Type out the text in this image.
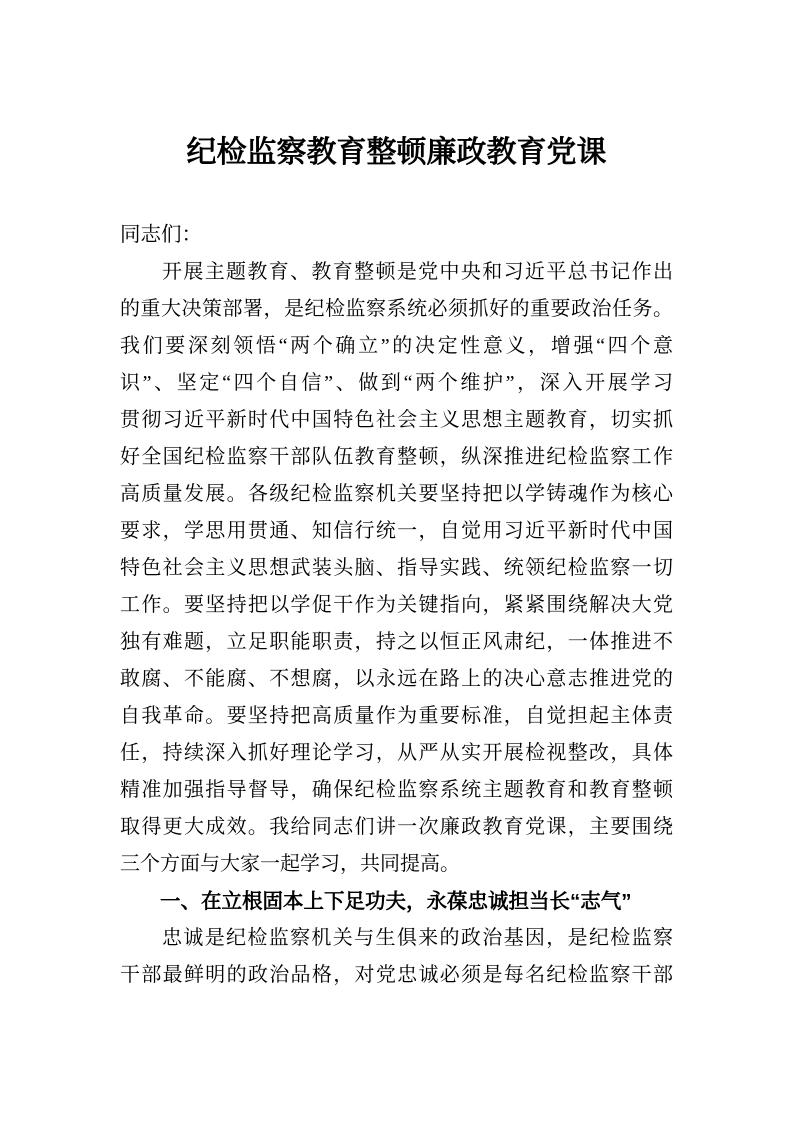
纪检监察教育整顿廉政教育党课

同志们：

开展主题教育、教育整顿是党中央和习近平总书记作出
的重大决策部署，是纪检监察系统必须抓好的重要政治任务。
我们要深刻领悟“两个确立”的决定性意义，增强“四个意
识”、坚定“四个自信”、做到“两个维护”，深入开展学习
贯彻习近平新时代中国特色社会主义思想主题教育，切实抓
好全国纪检监察干部队伍教育整顿，纵深推进纪检监察工作
高质量发展。各级纪检监察机关要坚持把以学铸魂作为核心
要求，学思用贯通、知信行统一，自觉用习近平新时代中国
特色社会主义思想武装头脑、指导实践、统领纪检监察一切
工作。要坚持把以学促干作为关键指向，紧紧围绕解决大党
独有难题，立足职能职责，持之以恒正风肃纪，一体推进不
敢腐、不能腐、不想腐，以永远在路上的决心意志推进党的
自我革命。要坚持把高质量作为重要标准，自觉担起主体责
任，持续深入抓好理论学习，从严从实开展检视整改，具体
精准加强指导督导，确保纪检监察系统主题教育和教育整顿
取得更大成效。我给同志们讲一次廉政教育党课，主要围绕
三个方面与大家一起学习，共同提高。
一、在立根固本上下足功夫，永葆忠诚担当长“志气”
忠诚是纪检监察机关与生俱来的政治基因，是纪检监察
干部最鲜明的政治品格，对党忠诚必须是每名纪检监察干部
